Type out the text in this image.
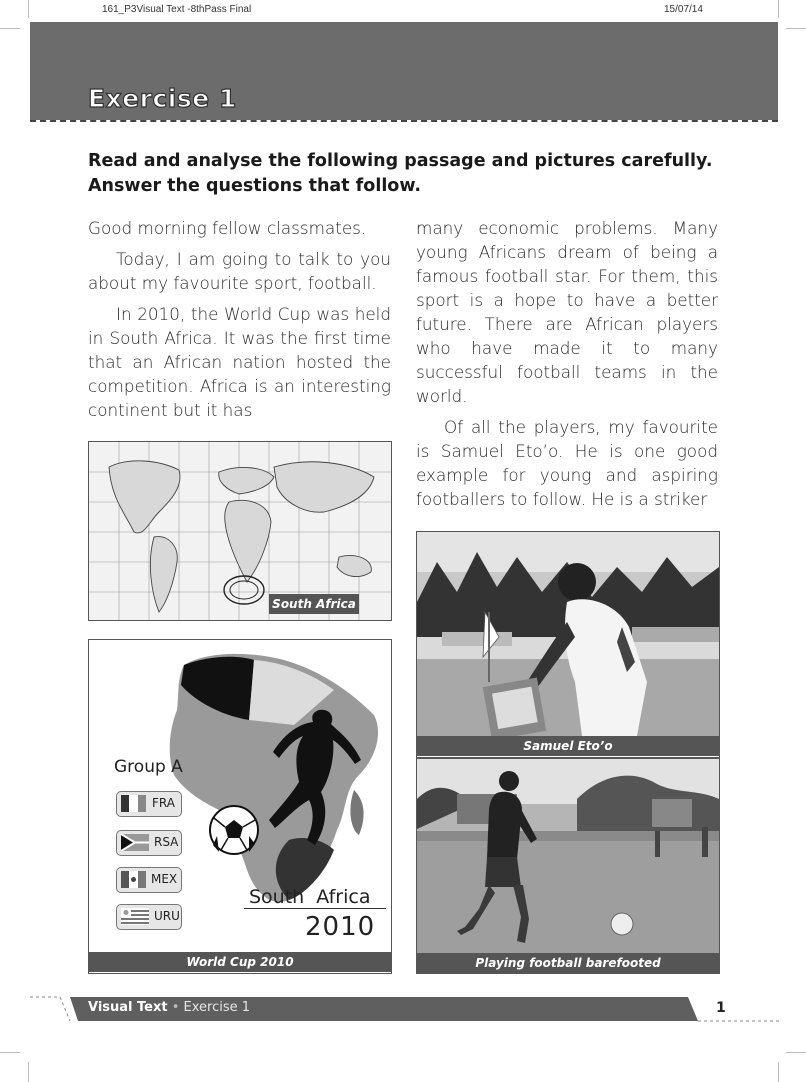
161_P3Visual Text -8thPass Final	15/07/14
Exercise 1
Read and analyse the following passage and pictures carefully.
Answer the questions that follow.

Good morning fellow classmates.

Today, I am going to talk to you about my favourite sport, football.

In 2010, the World Cup was held in South Africa. It was the first time that an African nation hosted the competition. Africa is an interesting continent but it has

many economic problems. Many young Africans dream of being a famous football star. For them, this sport is a hope to have a better future. There are African players who have made it to many successful football teams in the world.

Of all the players, my favourite is Samuel Eto’o. He is one good example for young and aspiring footballers to follow. He is a striker

South Africa
Group A
FRA
RSA
MEX
URU
South  Africa
2010
World Cup 2010
Samuel Eto’o
Playing football barefooted
Visual Text • Exercise 1	1
